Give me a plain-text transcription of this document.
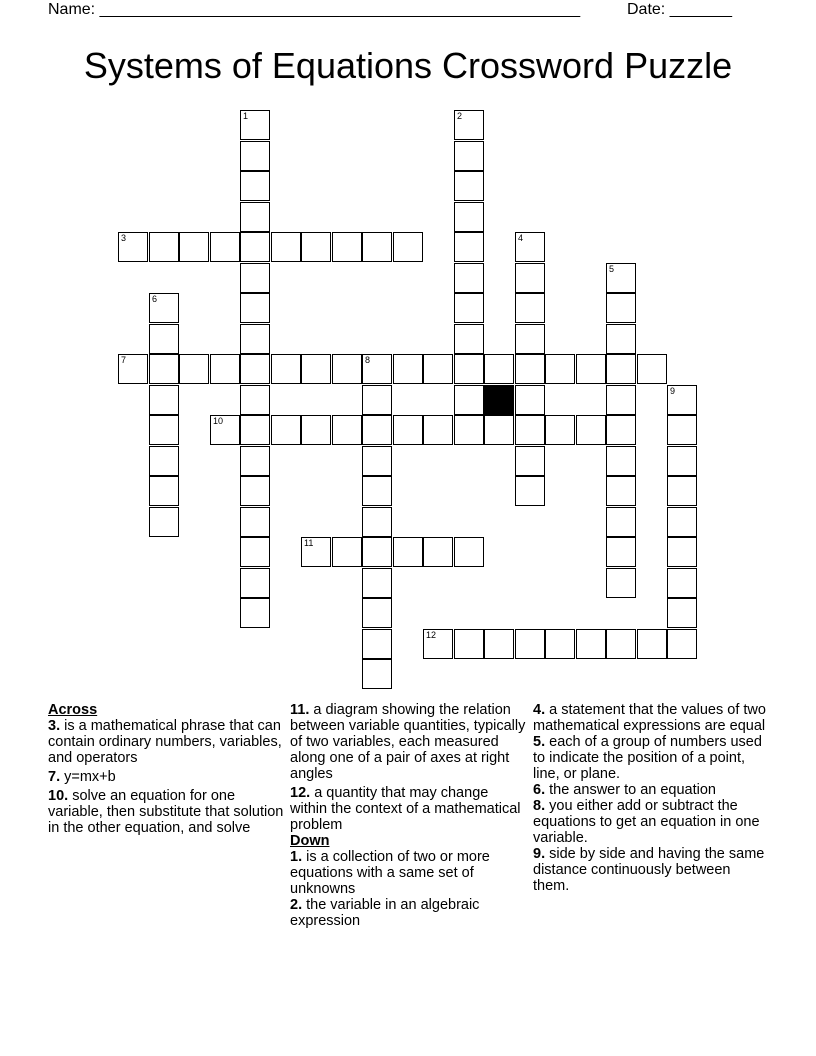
Name: ______________________________________________________	Date: _______
Systems of Equations Crossword Puzzle
1	2
3	4
5
6
7	8
9
10
11
12
Across
3. is a mathematical phrase that can contain ordinary numbers, variables, and operators
7. y=mx+b
10. solve an equation for one variable, then substitute that solution in the other equation, and solve
11. a diagram showing the relation between variable quantities, typically of two variables, each measured along one of a pair of axes at right angles
12. a quantity that may change within the context of a mathematical problem
Down
1. is a collection of two or more equations with a same set of unknowns
2. the variable in an algebraic expression
4. a statement that the values of two mathematical expressions are equal
5. each of a group of numbers used to indicate the position of a point, line, or plane.
6. the answer to an equation
8. you either add or subtract the equations to get an equation in one variable.
9. side by side and having the same distance continuously between them.
